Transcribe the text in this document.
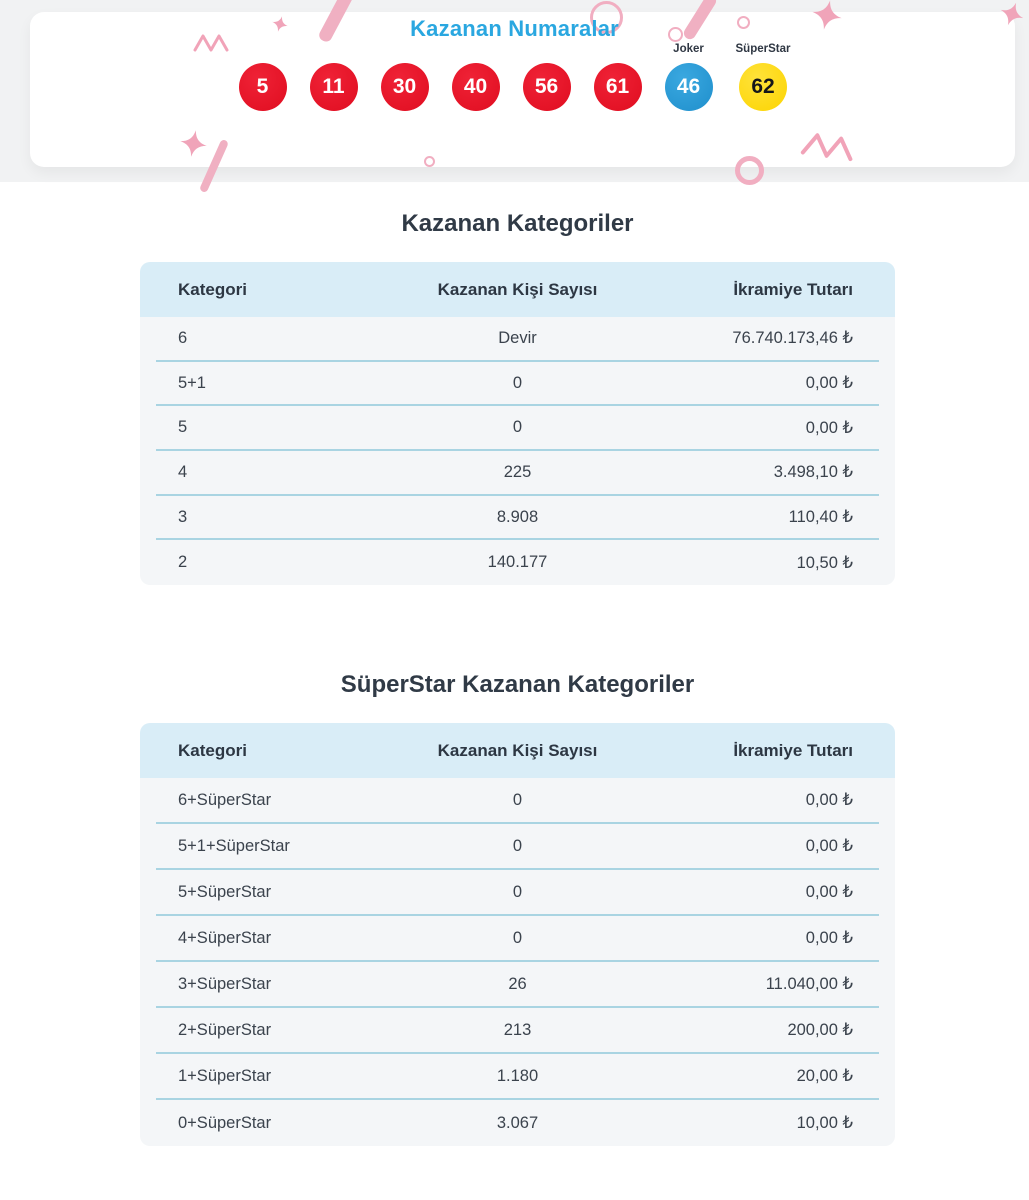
Kazanan Numaralar
5	11	30	40	56	61
Joker
46
SüperStar
62
Kazanan Kategoriler
Kategori	Kazanan Kişi Sayısı	İkramiye Tutarı
6	Devir	76.740.173,46 ₺
5+1	0	0,00 ₺
5	0	0,00 ₺
4	225	3.498,10 ₺
3	8.908	110,40 ₺
2	140.177	10,50 ₺
SüperStar Kazanan Kategoriler
Kategori	Kazanan Kişi Sayısı	İkramiye Tutarı
6+SüperStar	0	0,00 ₺
5+1+SüperStar	0	0,00 ₺
5+SüperStar	0	0,00 ₺
4+SüperStar	0	0,00 ₺
3+SüperStar	26	11.040,00 ₺
2+SüperStar	213	200,00 ₺
1+SüperStar	1.180	20,00 ₺
0+SüperStar	3.067	10,00 ₺
